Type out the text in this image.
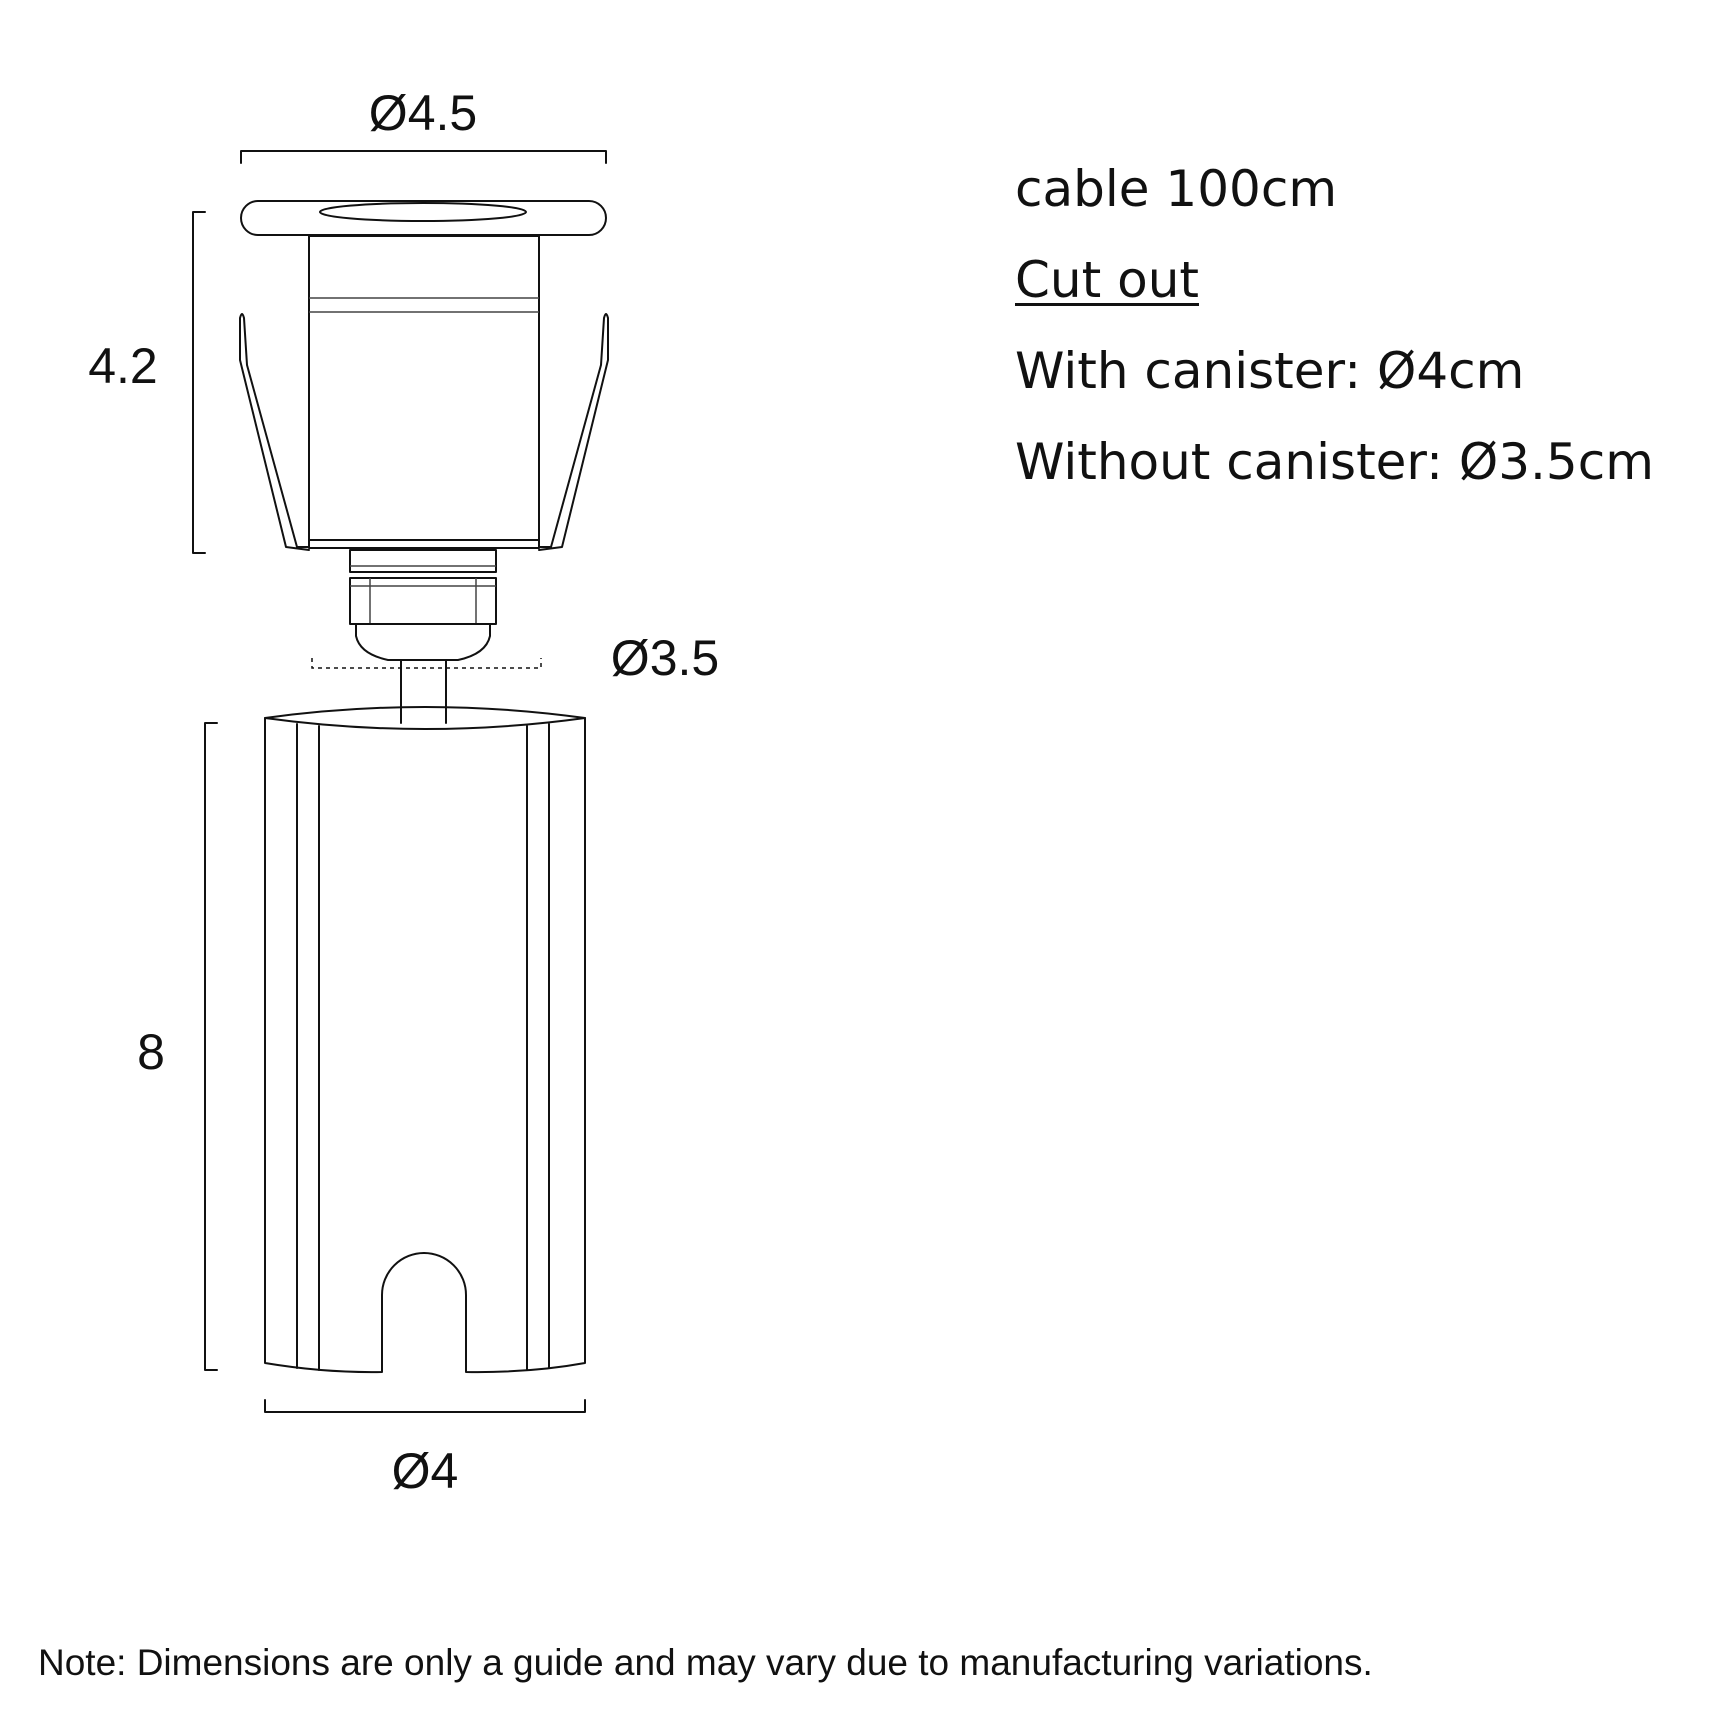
Ø4.5
4.2
Ø3.5
8
Ø4

cable 100cm

Cut out

With canister: Ø4cm

Without canister: Ø3.5cm

Note: Dimensions are only a guide and may vary due to manufacturing variations.
